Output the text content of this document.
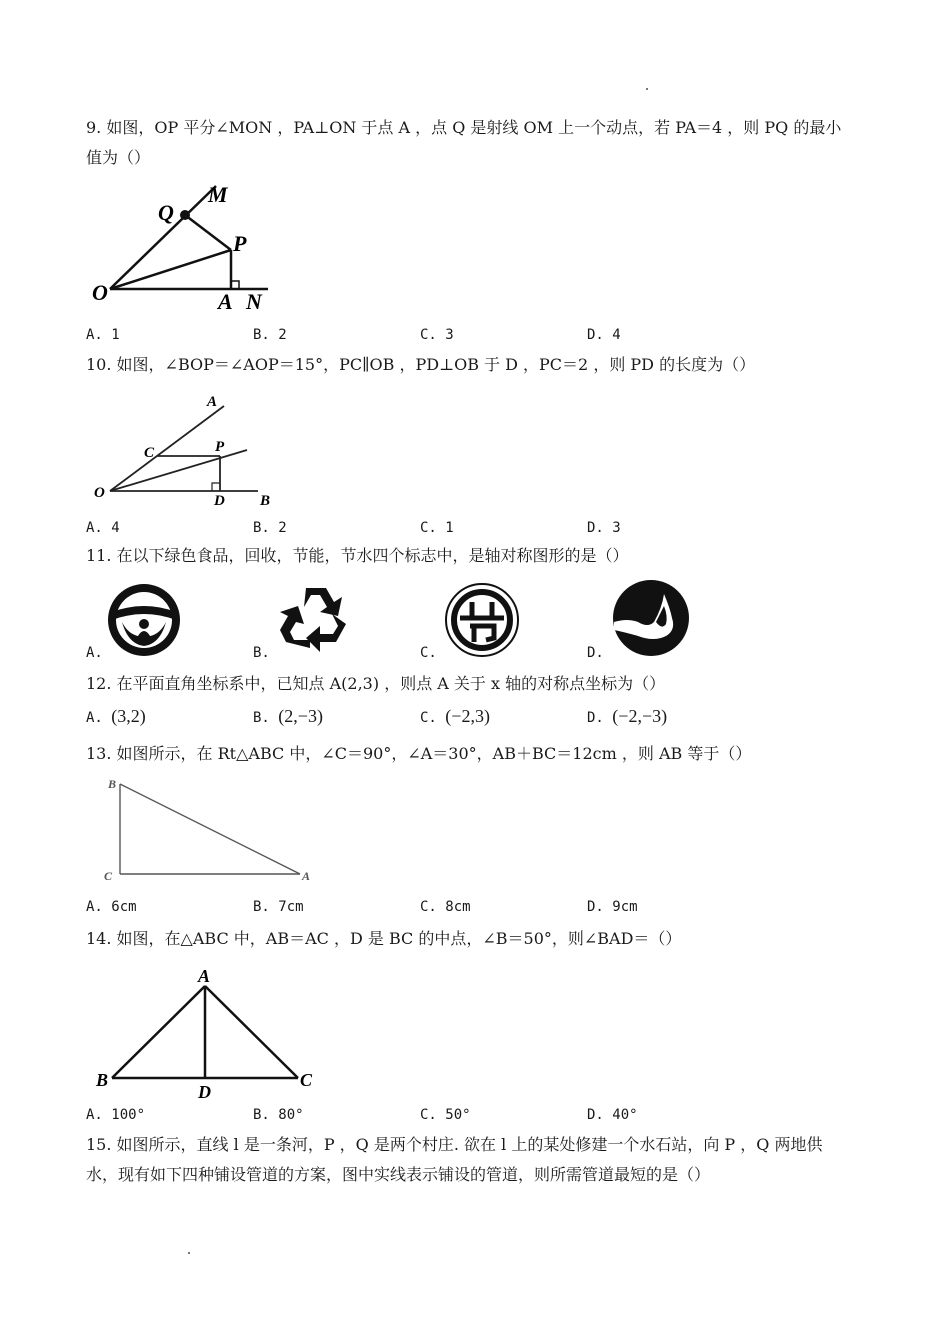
9. 如图，OP 平分∠MON ，PA⊥ON 于点 A ，点 Q 是射线 OM 上一个动点，若 PA＝4 ，则 PQ 的最小
值为（）
Q
M
P
O	A N
A. 1	B. 2	C. 3	D. 4
10. 如图，∠BOP＝∠AOP＝15°，PC∥OB ，PD⊥OB 于 D ，PC＝2 ，则 PD 的长度为（）
A
C	P
O	D B
A. 4	B. 2	C. 1	D. 3
11. 在以下绿色食品，回收，节能，节水四个标志中，是轴对称图形的是（）
A.	B.	C.	D.
12. 在平面直角坐标系中，已知点 A(2,3) ，则点 A 关于 x 轴的对称点坐标为（）
A. (3,2)	B. (2,−3)	C. (−2,3)	D. (−2,−3)
13. 如图所示，在 Rt△ABC 中，∠C＝90°，∠A＝30°，AB＋BC＝12cm ，则 AB 等于（）
B
C	A
A. 6cm	B. 7cm	C. 8cm	D. 9cm
14. 如图，在△ABC 中，AB＝AC ，D 是 BC 的中点，∠B＝50°，则∠BAD＝（）
A
B
D
C
A. 100°	B. 80°	C. 50°	D. 40°
15. 如图所示，直线 l 是一条河，P ，Q 是两个村庄. 欲在 l 上的某处修建一个水石站，向 P ，Q 两地供
水，现有如下四种铺设管道的方案，图中实线表示铺设的管道，则所需管道最短的是（）
